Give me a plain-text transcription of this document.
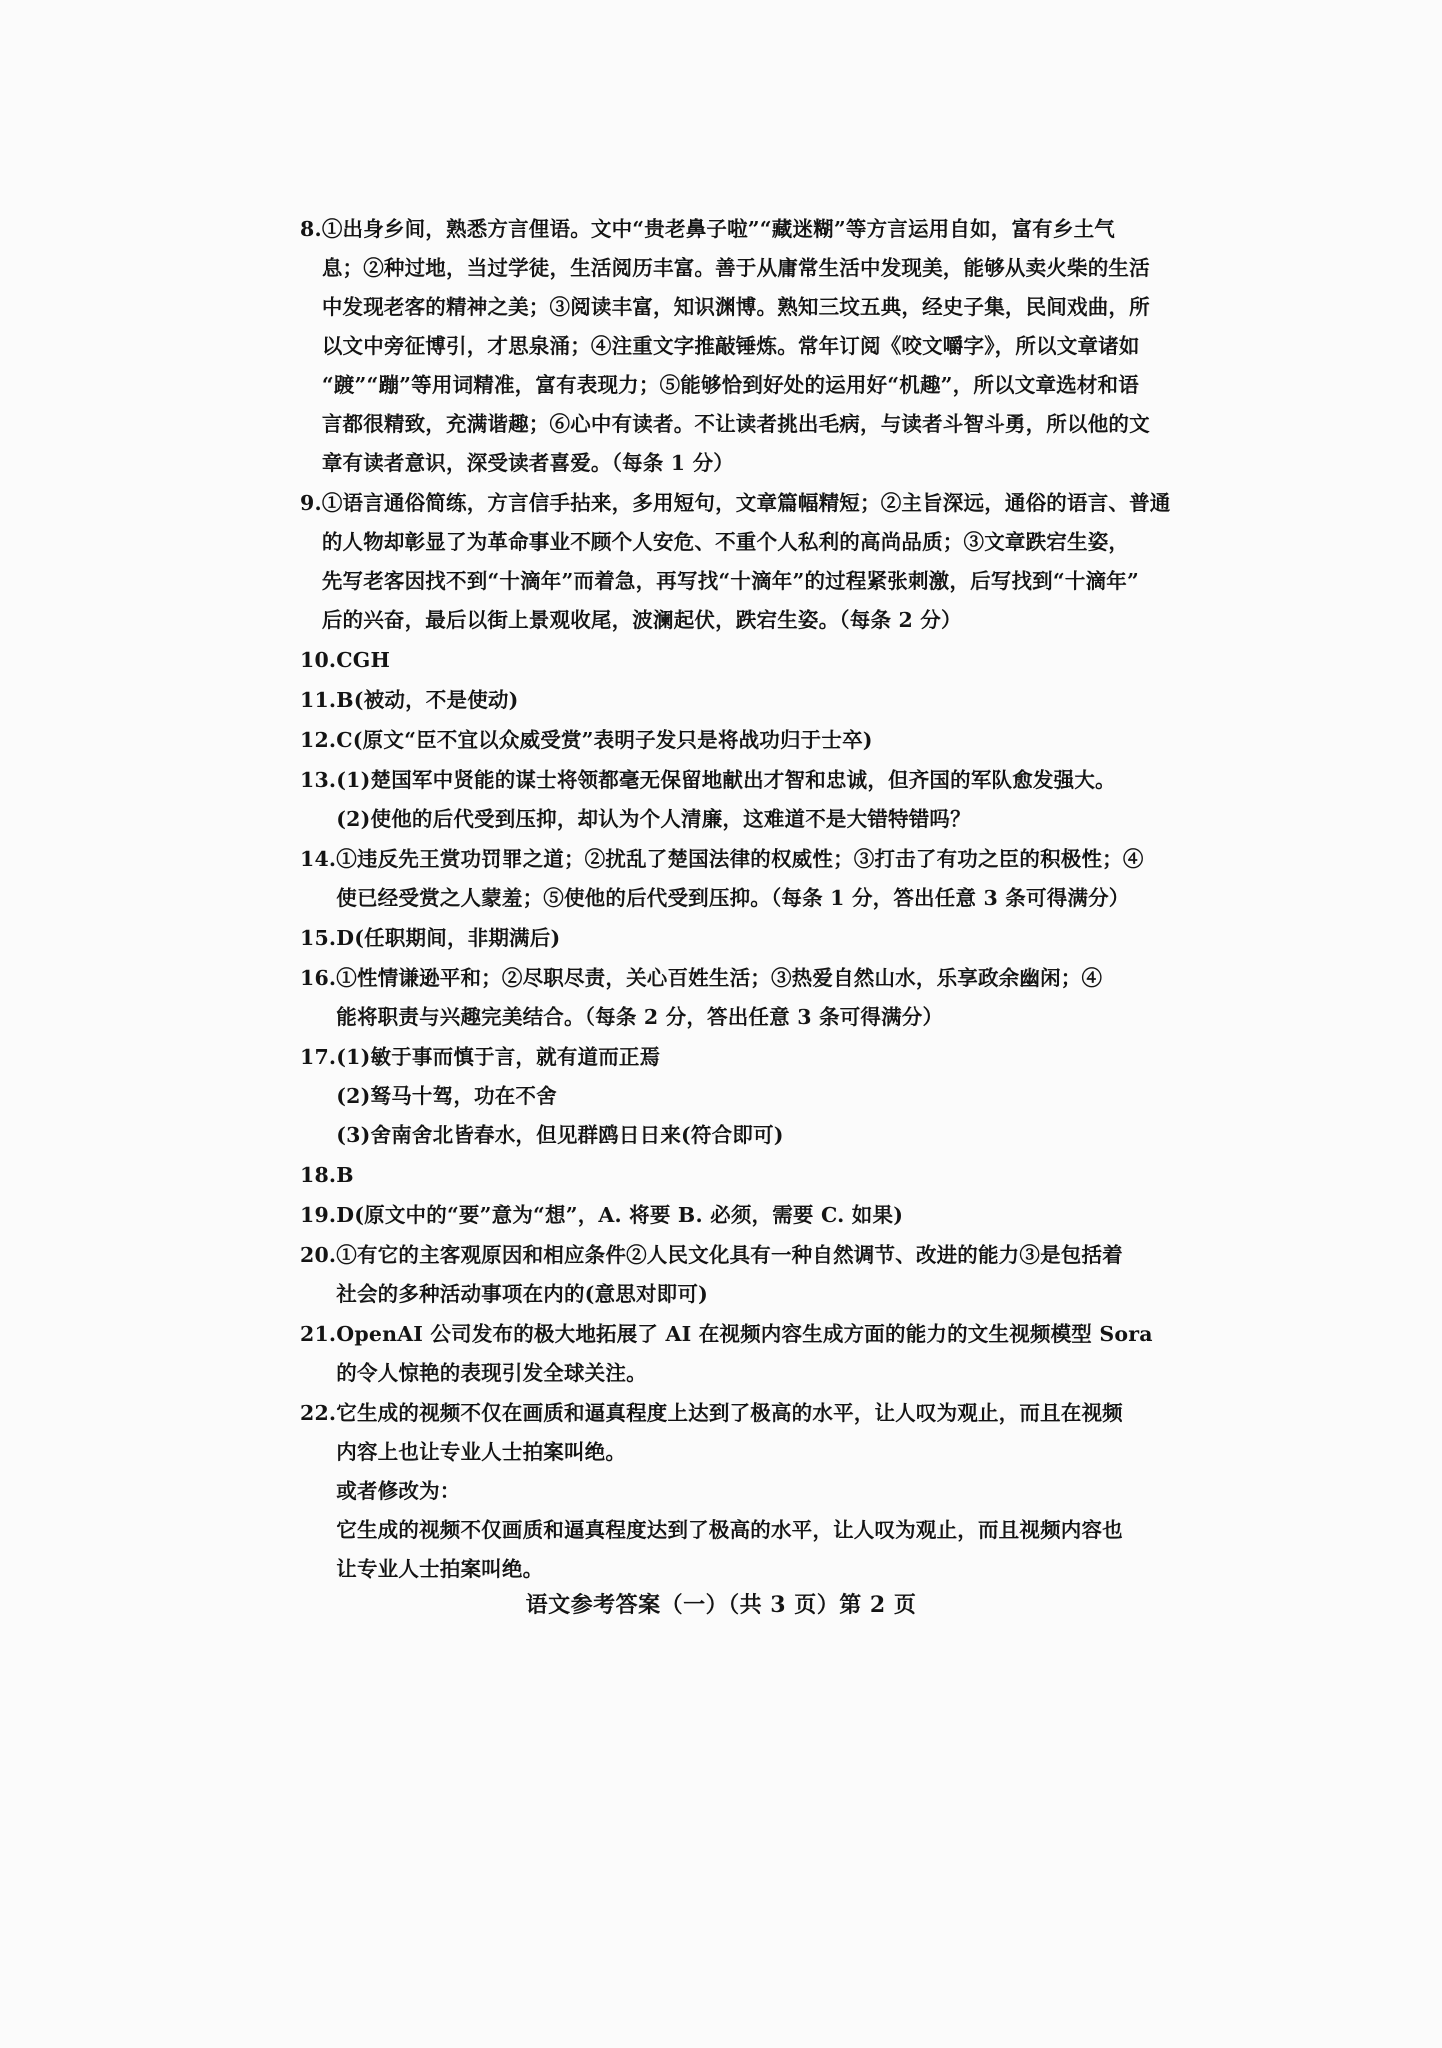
8. ①出身乡间，熟悉方言俚语。文中“贵老鼻子啦”“藏迷糊”等方言运用自如，富有乡土气
息；②种过地，当过学徒，生活阅历丰富。善于从庸常生活中发现美，能够从卖火柴的生活
中发现老客的精神之美；③阅读丰富，知识渊博。熟知三坟五典，经史子集，民间戏曲，所
以文中旁征博引，才思泉涌；④注重文字推敲锤炼。常年订阅《咬文嚼字》，所以文章诸如
“踱”“蹦”等用词精准，富有表现力；⑤能够恰到好处的运用好“机趣”，所以文章选材和语
言都很精致，充满谐趣；⑥心中有读者。不让读者挑出毛病，与读者斗智斗勇，所以他的文
章有读者意识，深受读者喜爱。（每条 1 分）
9. ①语言通俗简练，方言信手拈来，多用短句，文章篇幅精短；②主旨深远，通俗的语言、普通
的人物却彰显了为革命事业不顾个人安危、不重个人私利的高尚品质；③文章跌宕生姿，
先写老客因找不到“十滴年”而着急，再写找“十滴年”的过程紧张刺激，后写找到“十滴年”
后的兴奋，最后以街上景观收尾，波澜起伏，跌宕生姿。（每条 2 分）
10. CGH
11. B(被动，不是使动)
12. C(原文“臣不宜以众威受赏”表明子发只是将战功归于士卒)
13. (1)楚国军中贤能的谋士将领都毫无保留地献出才智和忠诚，但齐国的军队愈发强大。
(2)使他的后代受到压抑，却认为个人清廉，这难道不是大错特错吗？
14. ①违反先王赏功罚罪之道；②扰乱了楚国法律的权威性；③打击了有功之臣的积极性；④
使已经受赏之人蒙羞；⑤使他的后代受到压抑。（每条 1 分，答出任意 3 条可得满分）
15. D(任职期间，非期满后)
16. ①性情谦逊平和；②尽职尽责，关心百姓生活；③热爱自然山水，乐享政余幽闲；④
能将职责与兴趣完美结合。（每条 2 分，答出任意 3 条可得满分）
17. (1)敏于事而慎于言，就有道而正焉
(2)驽马十驾，功在不舍
(3)舍南舍北皆春水，但见群鸥日日来(符合即可)
18. B
19. D(原文中的“要”意为“想”，A. 将要 B. 必须，需要 C. 如果)
20. ①有它的主客观原因和相应条件②人民文化具有一种自然调节、改进的能力③是包括着
社会的多种活动事项在内的(意思对即可)
21. OpenAI 公司发布的极大地拓展了 AI 在视频内容生成方面的能力的文生视频模型 Sora
的令人惊艳的表现引发全球关注。
22. 它生成的视频不仅在画质和逼真程度上达到了极高的水平，让人叹为观止，而且在视频
内容上也让专业人士拍案叫绝。
或者修改为：
它生成的视频不仅画质和逼真程度达到了极高的水平，让人叹为观止，而且视频内容也
让专业人士拍案叫绝。
语文参考答案（一）（共 3 页）第 2 页
